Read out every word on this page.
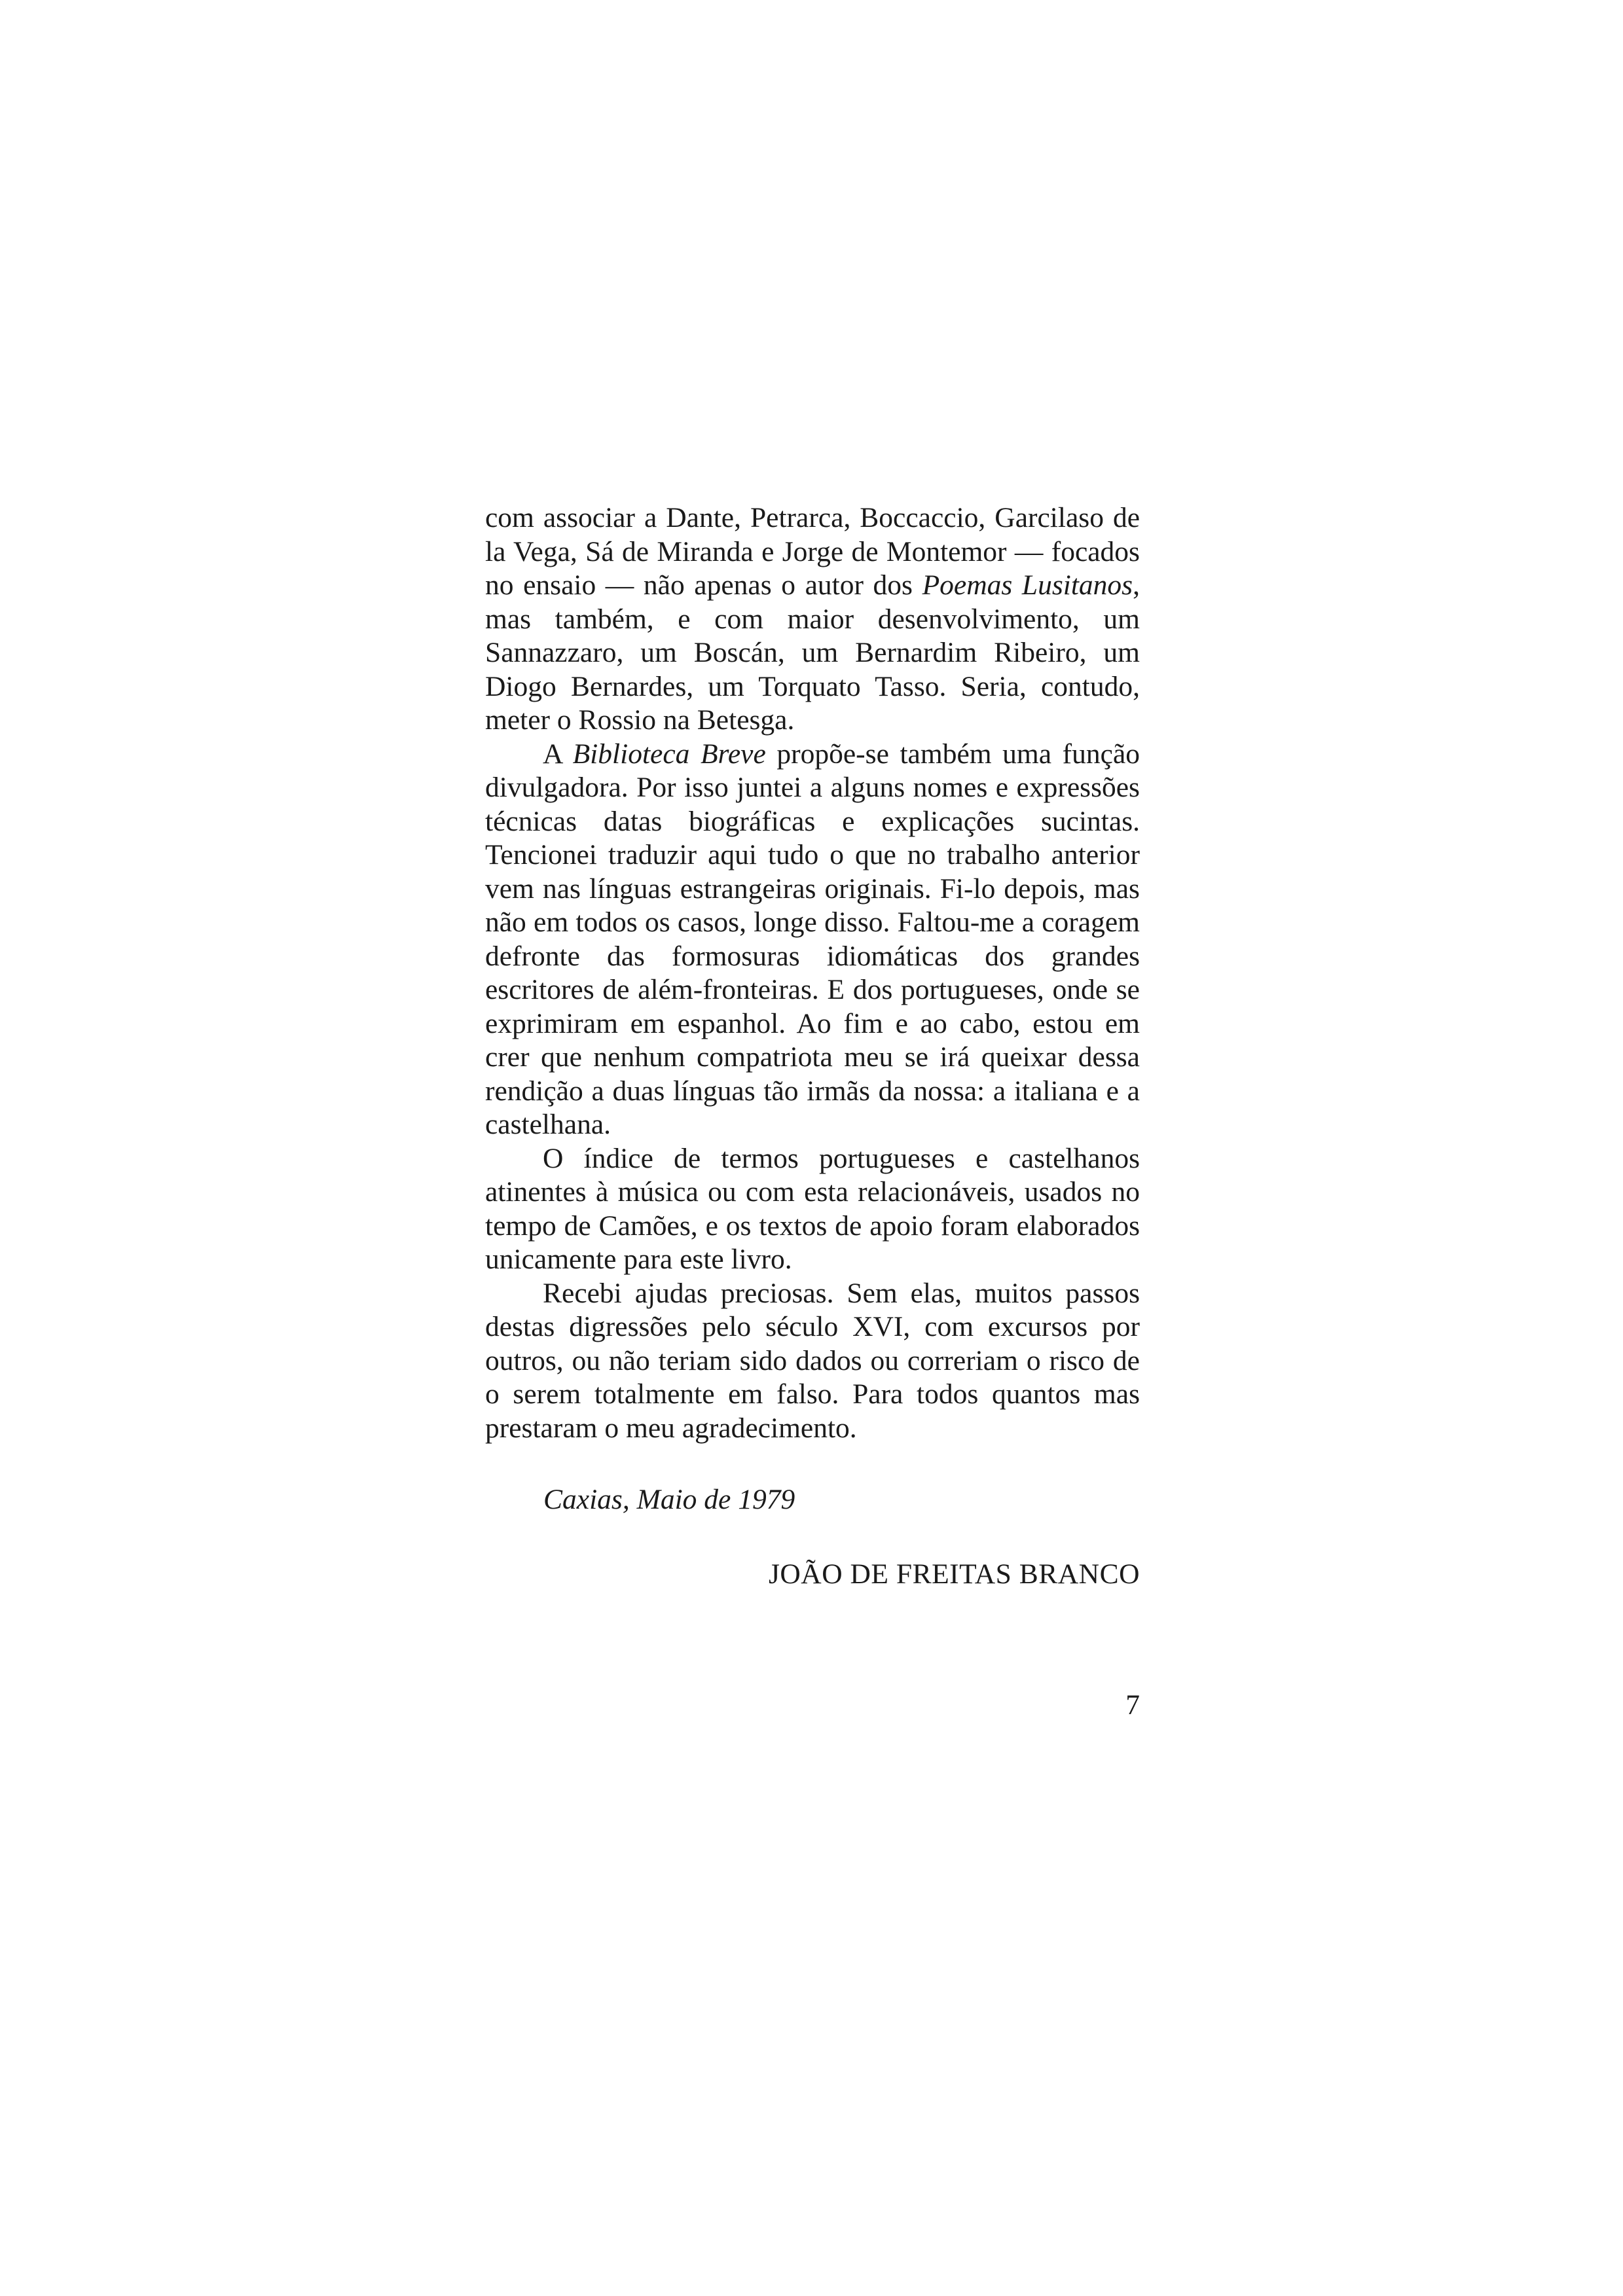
com associar a Dante, Petrarca, Boccaccio, Garcilaso de la Vega, Sá de Miranda e Jorge de Montemor — focados no ensaio — não apenas o autor dos Poemas Lusitanos, mas também, e com maior desenvolvimento, um Sannazzaro, um Boscán, um Bernardim Ribeiro, um Diogo Bernardes, um Torquato Tasso. Seria, contudo, meter o Rossio na Betesga.

A Biblioteca Breve propõe-se também uma função divulgadora. Por isso juntei a alguns nomes e expressões técnicas datas biográficas e explicações sucintas. Tencionei traduzir aqui tudo o que no trabalho anterior vem nas línguas estrangeiras originais. Fi-lo depois, mas não em todos os casos, longe disso. Faltou-me a coragem defronte das formosuras idiomáticas dos grandes escritores de além-fronteiras. E dos portugueses, onde se exprimiram em espanhol. Ao fim e ao cabo, estou em crer que nenhum compatriota meu se irá queixar dessa rendição a duas línguas tão irmãs da nossa: a italiana e a castelhana.

O índice de termos portugueses e castelhanos atinentes à música ou com esta relacionáveis, usados no tempo de Camões, e os textos de apoio foram elaborados unicamente para este livro.

Recebi ajudas preciosas. Sem elas, muitos passos destas digressões pelo século XVI, com excursos por outros, ou não teriam sido dados ou correriam o risco de o serem totalmente em falso. Para todos quantos mas prestaram o meu agradecimento.

Caxias, Maio de 1979
JOÃO DE FREITAS BRANCO
7
